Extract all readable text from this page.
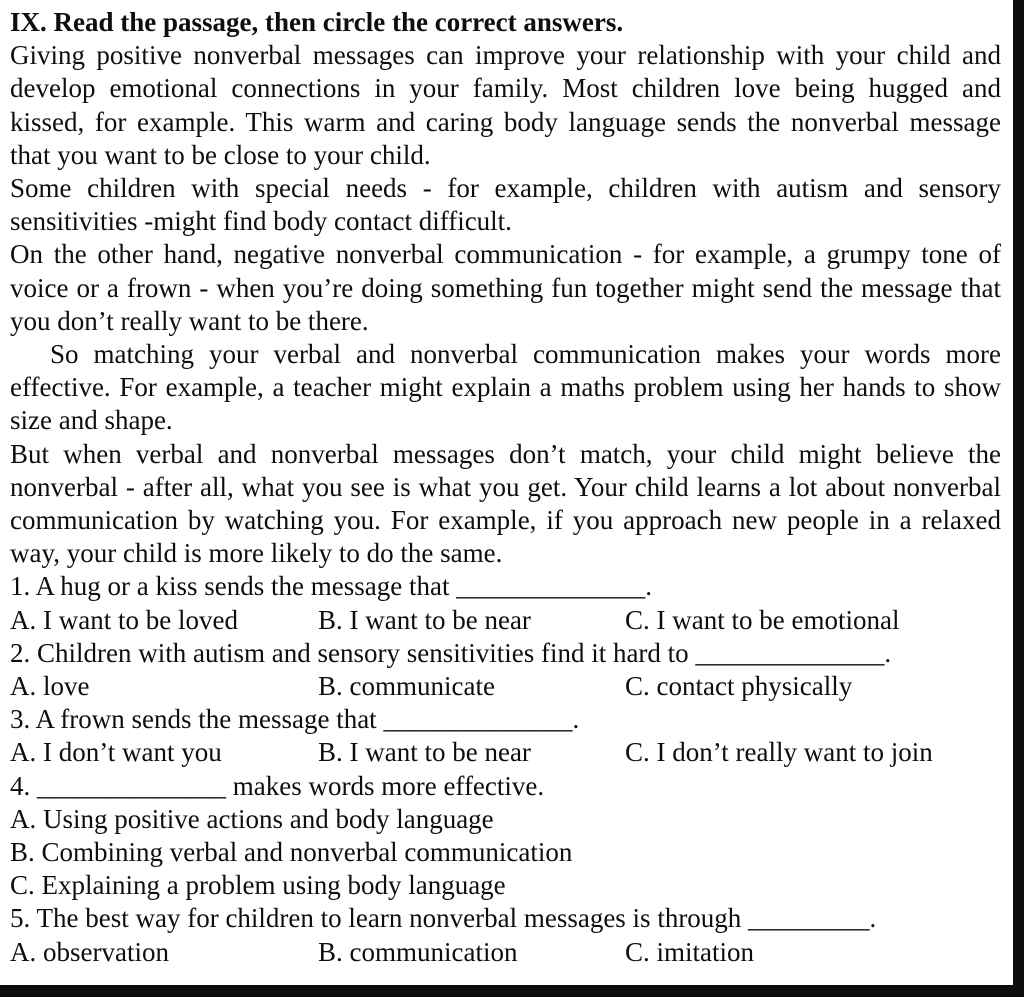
IX. Read the passage, then circle the correct answers.

Giving positive nonverbal messages can improve your relationship with your child and develop emotional connections in your family. Most children love being hugged and kissed, for example. This warm and caring body language sends the nonverbal message that you want to be close to your child.

Some children with special needs - for example, children with autism and sensory sensitivities -might find body contact difficult.

On the other hand, negative nonverbal communication - for example, a grumpy tone of voice or a frown - when you’re doing something fun together might send the message that you don’t really want to be there.

So matching your verbal and nonverbal communication makes your words more effective. For example, a teacher might explain a maths problem using her hands to show size and shape.

But when verbal and nonverbal messages don’t match, your child might believe the nonverbal - after all, what you see is what you get. Your child learns a lot about nonverbal communication by watching you. For example, if you approach new people in a relaxed way, your child is more likely to do the same.

1. A hug or a kiss sends the message that ______________.
A. I want to be loved	B. I want to be near	C. I want to be emotional
2. Children with autism and sensory sensitivities find it hard to ______________.
A. love	B. communicate	C. contact physically
3. A frown sends the message that ______________.
A. I don’t want you	B. I want to be near	C. I don’t really want to join
4. ______________ makes words more effective.
A. Using positive actions and body language
B. Combining verbal and nonverbal communication
C. Explaining a problem using body language
5. The best way for children to learn nonverbal messages is through _________.
A. observation	B. communication	C. imitation
